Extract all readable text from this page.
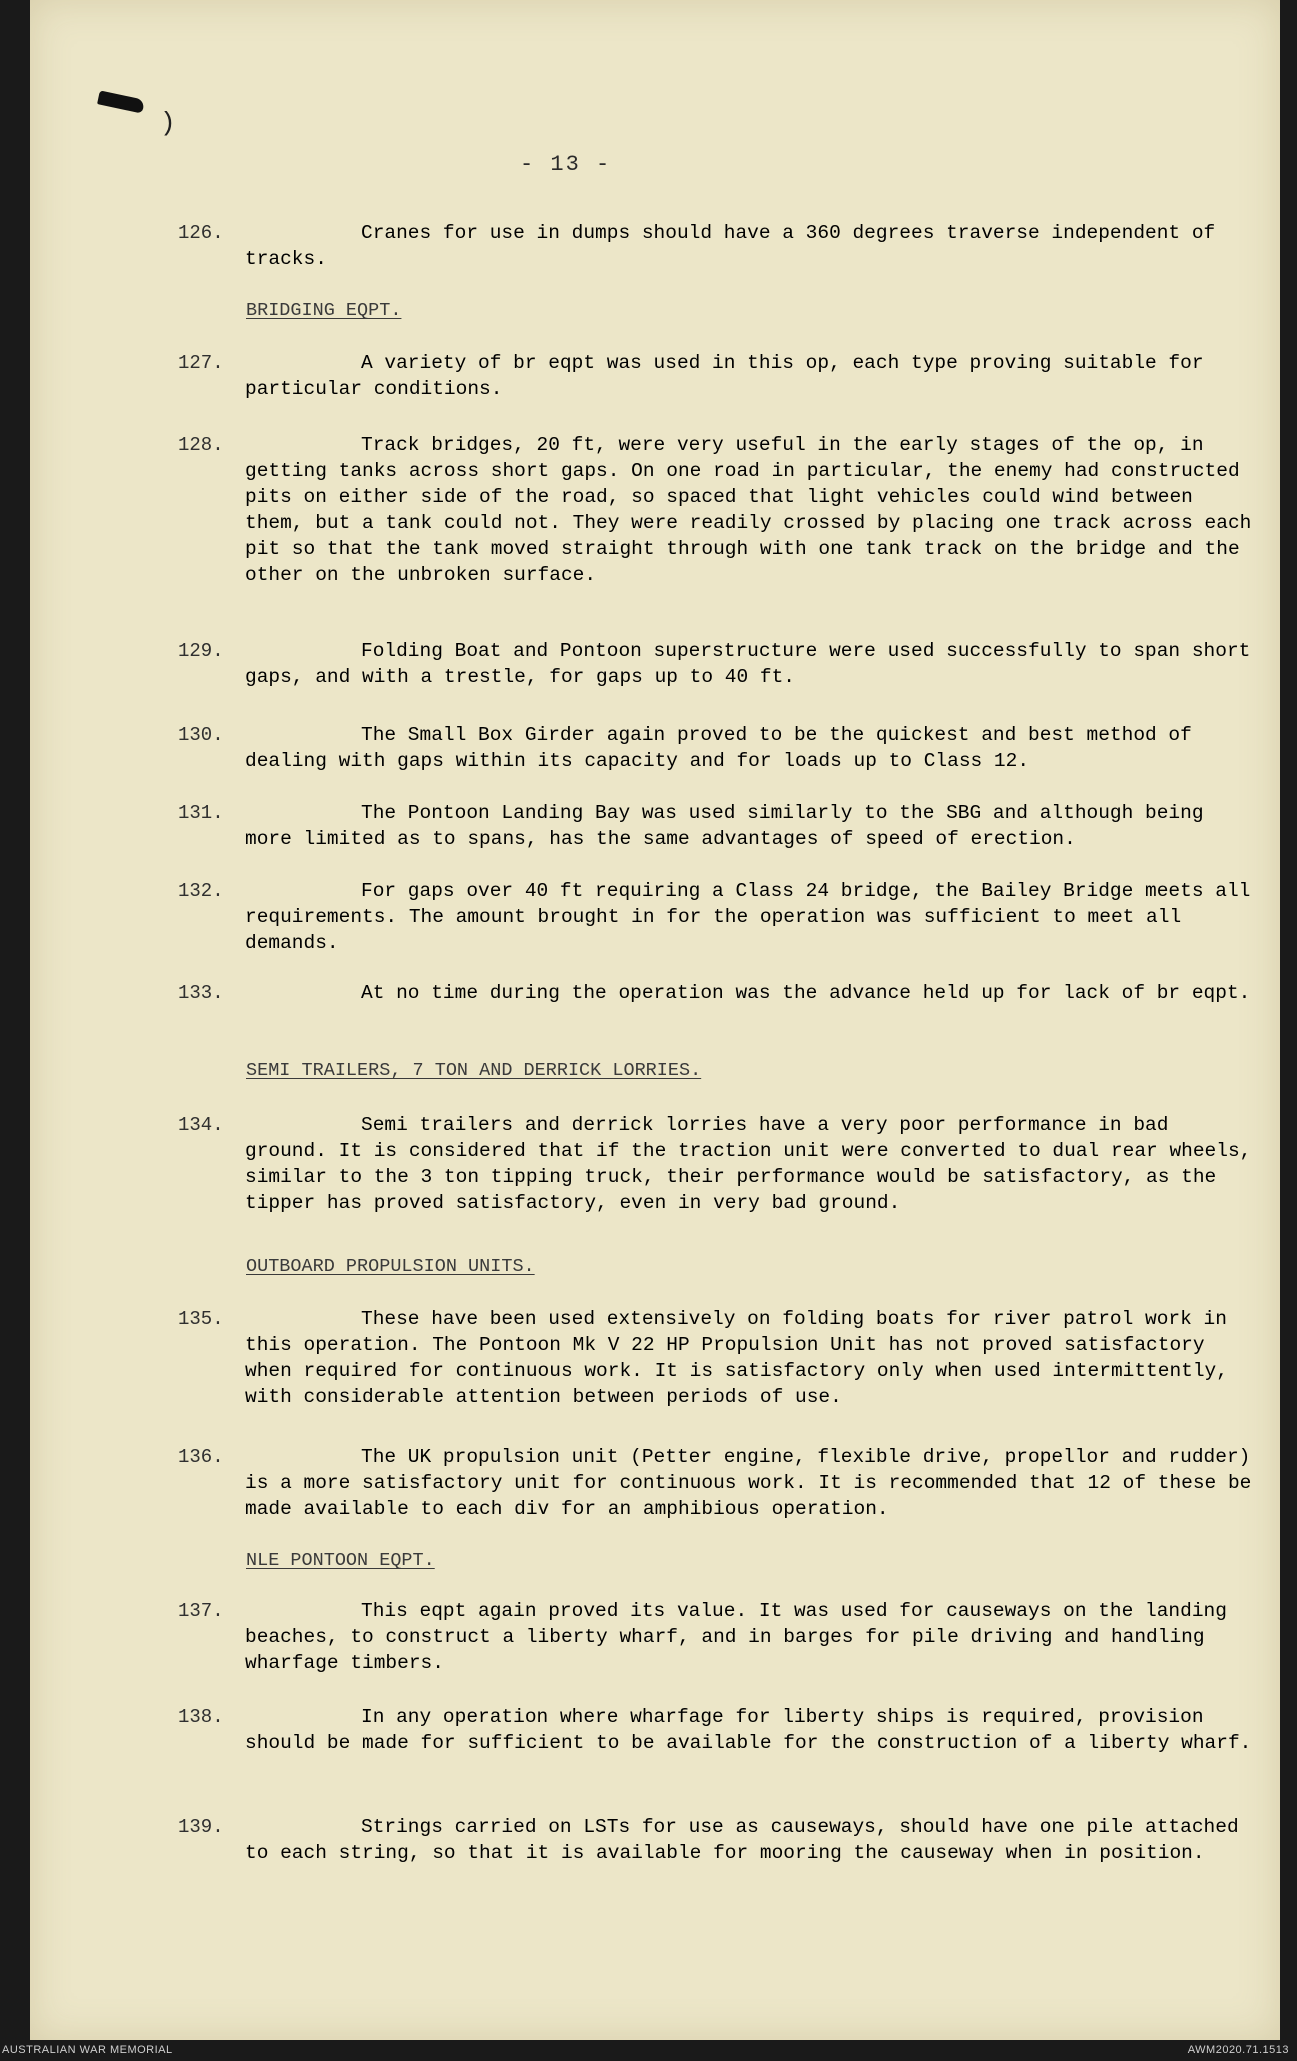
)
- 13 -
126.	Cranes for use in dumps should have a 360 degrees traverse independent of tracks.
BRIDGING EQPT.
127.	A variety of br eqpt was used in this op, each type proving suitable for particular conditions.
128.	Track bridges, 20 ft, were very useful in the early stages of the op, in getting tanks across short gaps. On one road in particular, the enemy had constructed pits on either side of the road, so spaced that light vehicles could wind between them, but a tank could not. They were readily crossed by placing one track across each pit so that the tank moved straight through with one tank track on the bridge and the other on the unbroken surface.
129.	Folding Boat and Pontoon superstructure were used successfully to span short gaps, and with a trestle, for gaps up to 40 ft.
130.	The Small Box Girder again proved to be the quickest and best method of dealing with gaps within its capacity and for loads up to Class 12.
131.	The Pontoon Landing Bay was used similarly to the SBG and although being more limited as to spans, has the same advantages of speed of erection.
132.	For gaps over 40 ft requiring a Class 24 bridge, the Bailey Bridge meets all requirements. The amount brought in for the operation was sufficient to meet all demands.
133.	At no time during the operation was the advance held up for lack of br eqpt.
SEMI TRAILERS, 7 TON AND DERRICK LORRIES.
134.	Semi trailers and derrick lorries have a very poor performance in bad ground. It is considered that if the traction unit were converted to dual rear wheels, similar to the 3 ton tipping truck, their performance would be satisfactory, as the tipper has proved satisfactory, even in very bad ground.
OUTBOARD PROPULSION UNITS.
135.	These have been used extensively on folding boats for river patrol work in this operation. The Pontoon Mk V 22 HP Propulsion Unit has not proved satisfactory when required for continuous work. It is satisfactory only when used intermittently, with considerable attention between periods of use.
136.	The UK propulsion unit (Petter engine, flexible drive, propellor and rudder) is a more satisfactory unit for continuous work. It is recommended that 12 of these be made available to each div for an amphibious operation.
NLE PONTOON EQPT.
137.	This eqpt again proved its value. It was used for causeways on the landing beaches, to construct a liberty wharf, and in barges for pile driving and handling wharfage timbers.
138.	In any operation where wharfage for liberty ships is required, provision should be made for sufficient to be available for the construction of a liberty wharf.
139.	Strings carried on LSTs for use as causeways, should have one pile attached to each string, so that it is available for mooring the causeway when in position.
AUSTRALIAN WAR MEMORIAL	AWM2020.71.1513
